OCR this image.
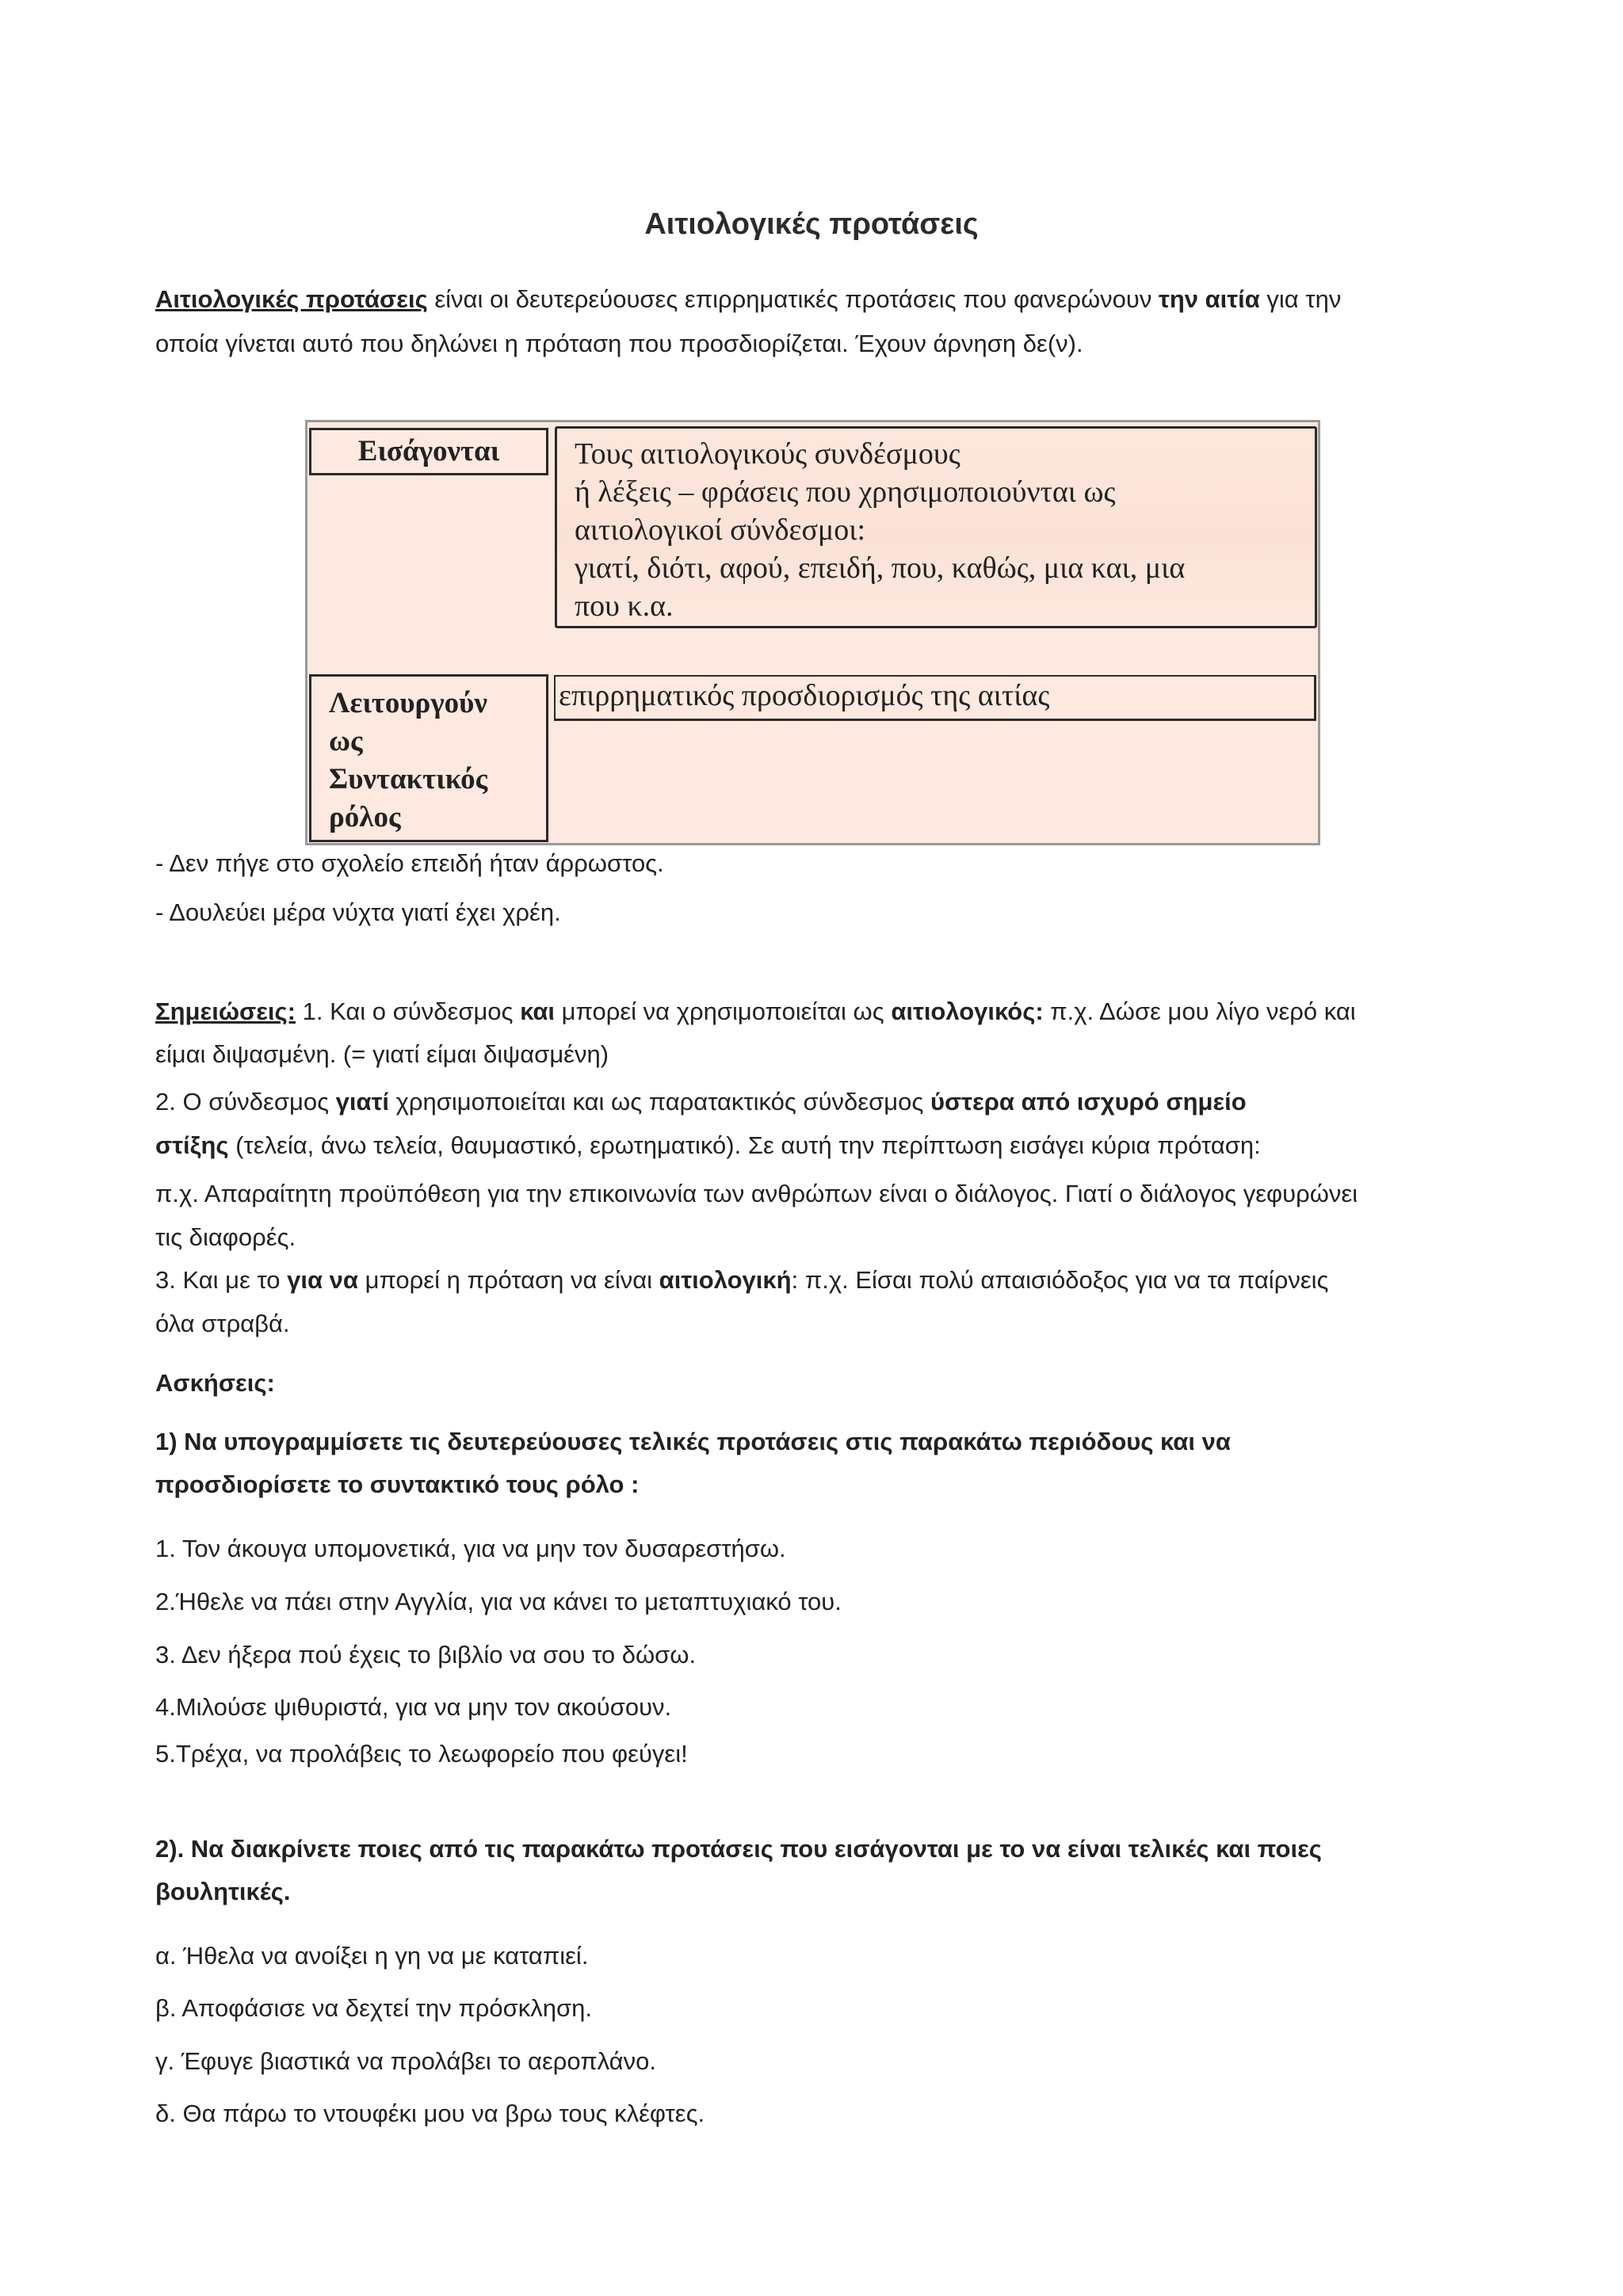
Αιτιολογικές προτάσεις
Αιτιολογικές προτάσεις είναι οι δευτερεύουσες επιρρηματικές προτάσεις που φανερώνουν την αιτία για την
οποία γίνεται αυτό που δηλώνει η πρόταση που προσδιορίζεται. Έχουν άρνηση δε(ν).
Εισάγονται	Τους αιτιολογικούς συνδέσμους
ή λέξεις – φράσεις που χρησιμοποιούνται ως
αιτιολογικοί σύνδεσμοι:
γιατί, διότι, αφού, επειδή, που, καθώς, μια και, μια
που κ.α.
Λειτουργούν
ως
Συντακτικός
ρόλος
επιρρηματικός προσδιορισμός της αιτίας
- Δεν πήγε στο σχολείο επειδή ήταν άρρωστος.
- Δουλεύει μέρα νύχτα γιατί έχει χρέη.
Σημειώσεις: 1. Και ο σύνδεσμος και μπορεί να χρησιμοποιείται ως αιτιολογικός: π.χ. Δώσε μου λίγο νερό και
είμαι διψασμένη. (= γιατί είμαι διψασμένη)
2. Ο σύνδεσμος γιατί χρησιμοποιείται και ως παρατακτικός σύνδεσμος ύστερα από ισχυρό σημείο
στίξης (τελεία, άνω τελεία, θαυμαστικό, ερωτηματικό). Σε αυτή την περίπτωση εισάγει κύρια πρόταση:
π.χ. Απαραίτητη προϋπόθεση για την επικοινωνία των ανθρώπων είναι ο διάλογος. Γιατί ο διάλογος γεφυρώνει
τις διαφορές.
3. Και με το για να μπορεί η πρόταση να είναι αιτιολογική: π.χ. Είσαι πολύ απαισιόδοξος για να τα παίρνεις
όλα στραβά.
Ασκήσεις:
1) Να υπογραμμίσετε τις δευτερεύουσες τελικές προτάσεις στις παρακάτω περιόδους και να
προσδιορίσετε το συντακτικό τους ρόλο :
1. Τον άκουγα υπομονετικά, για να μην τον δυσαρεστήσω.
2.Ήθελε να πάει στην Αγγλία, για να κάνει το μεταπτυχιακό του.
3. Δεν ήξερα πού έχεις το βιβλίο να σου το δώσω.
4.Μιλούσε ψιθυριστά, για να μην τον ακούσουν.
5.Τρέχα, να προλάβεις το λεωφορείο που φεύγει!
2). Να διακρίνετε ποιες από τις παρακάτω προτάσεις που εισάγονται με το να είναι τελικές και ποιες
βουλητικές.
α. Ήθελα να ανοίξει η γη να με καταπιεί.
β. Αποφάσισε να δεχτεί την πρόσκληση.
γ. Έφυγε βιαστικά να προλάβει το αεροπλάνο.
δ. Θα πάρω το ντουφέκι μου να βρω τους κλέφτες.
